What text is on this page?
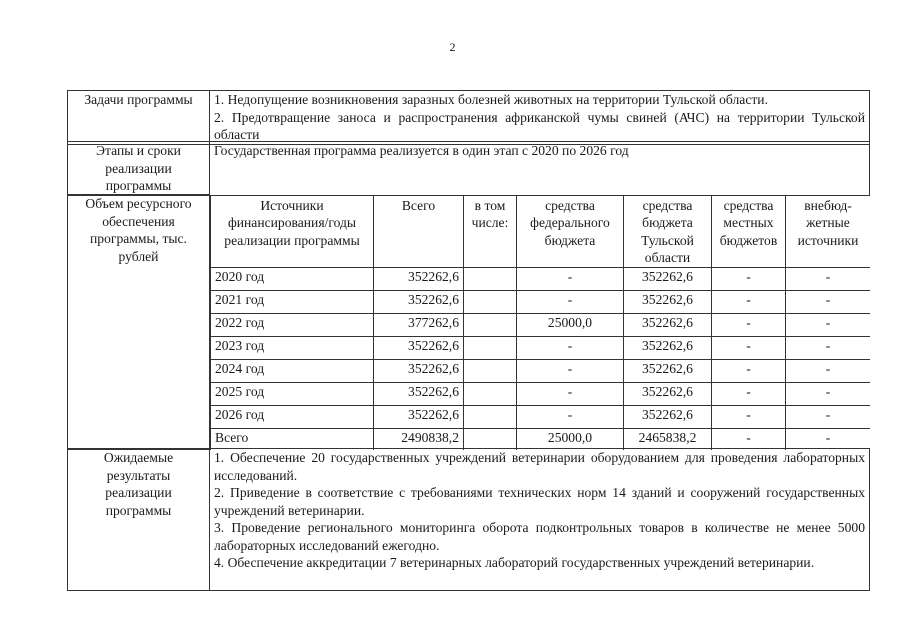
2
Задачи программы	1. Недопущение возникновения заразных болезней животных на территории Тульской области.
2. Предотвращение заноса и распространения африканской чумы свиней (АЧС) на территории Тульской области
Этапы и сроки реализации программы	Государственная программа реализуется в один этап с 2020 по 2026 год
Объем ресурсного обеспечения программы, тыс. рублей	
Источники финансирования/годы реализации программы	Всего	в том числе:	средства федерального бюджета	средства бюджета Тульской области	средства местных бюджетов	внебюд-жетные источники
2020 год	352262,6		-	352262,6	-	-
2021 год	352262,6		-	352262,6	-	-
2022 год	377262,6		25000,0	352262,6	-	-
2023 год	352262,6		-	352262,6	-	-
2024 год	352262,6		-	352262,6	-	-
2025 год	352262,6		-	352262,6	-	-
2026 год	352262,6		-	352262,6	-	-
Всего	2490838,2		25000,0	2465838,2	-	-
Ожидаемые результаты реализации программы	
1. Обеспечение 20 государственных учреждений ветеринарии оборудованием для проведения лабораторных исследований.
2. Приведение в соответствие с требованиями технических норм 14 зданий и сооружений государственных учреждений ветеринарии.
3. Проведение регионального мониторинга оборота подконтрольных товаров в количестве не менее 5000 лабораторных исследований ежегодно.
4. Обеспечение аккредитации 7 ветеринарных лабораторий государственных учреждений ветеринарии.
